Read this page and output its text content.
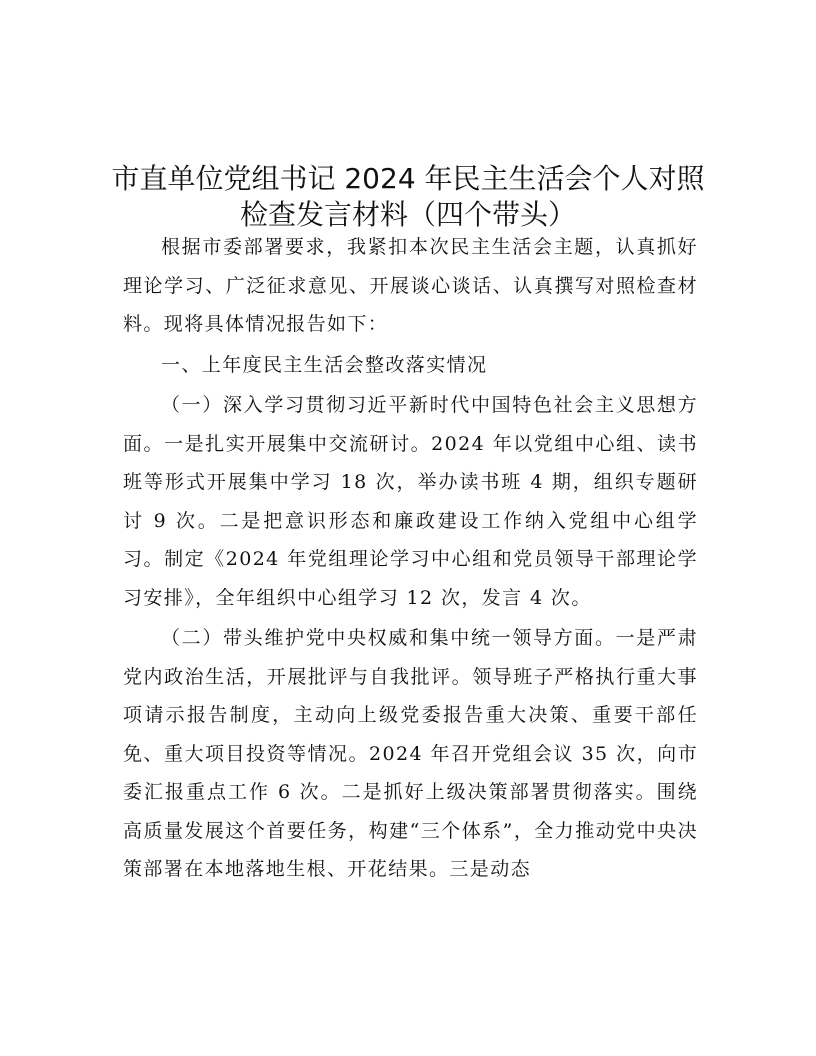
市直单位党组书记 2024 年民主生活会个人对照
检查发言材料（四个带头）

根据市委部署要求，我紧扣本次民主生活会主题，认真抓好理论学习、广泛征求意见、开展谈心谈话、认真撰写对照检查材料。现将具体情况报告如下：

一、上年度民主生活会整改落实情况

（一）深入学习贯彻习近平新时代中国特色社会主义思想方面。一是扎实开展集中交流研讨。2024 年以党组中心组、读书班等形式开展集中学习 18 次，举办读书班 4 期，组织专题研讨 9 次。二是把意识形态和廉政建设工作纳入党组中心组学习。制定《2024 年党组理论学习中心组和党员领导干部理论学习安排》，全年组织中心组学习 12 次，发言 4 次。

（二）带头维护党中央权威和集中统一领导方面。一是严肃党内政治生活，开展批评与自我批评。领导班子严格执行重大事项请示报告制度，主动向上级党委报告重大决策、重要干部任免、重大项目投资等情况。2024 年召开党组会议 35 次，向市委汇报重点工作 6 次。二是抓好上级决策部署贯彻落实。围绕高质量发展这个首要任务，构建“三个体系”，全力推动党中央决策部署在本地落地生根、开花结果。三是动态
